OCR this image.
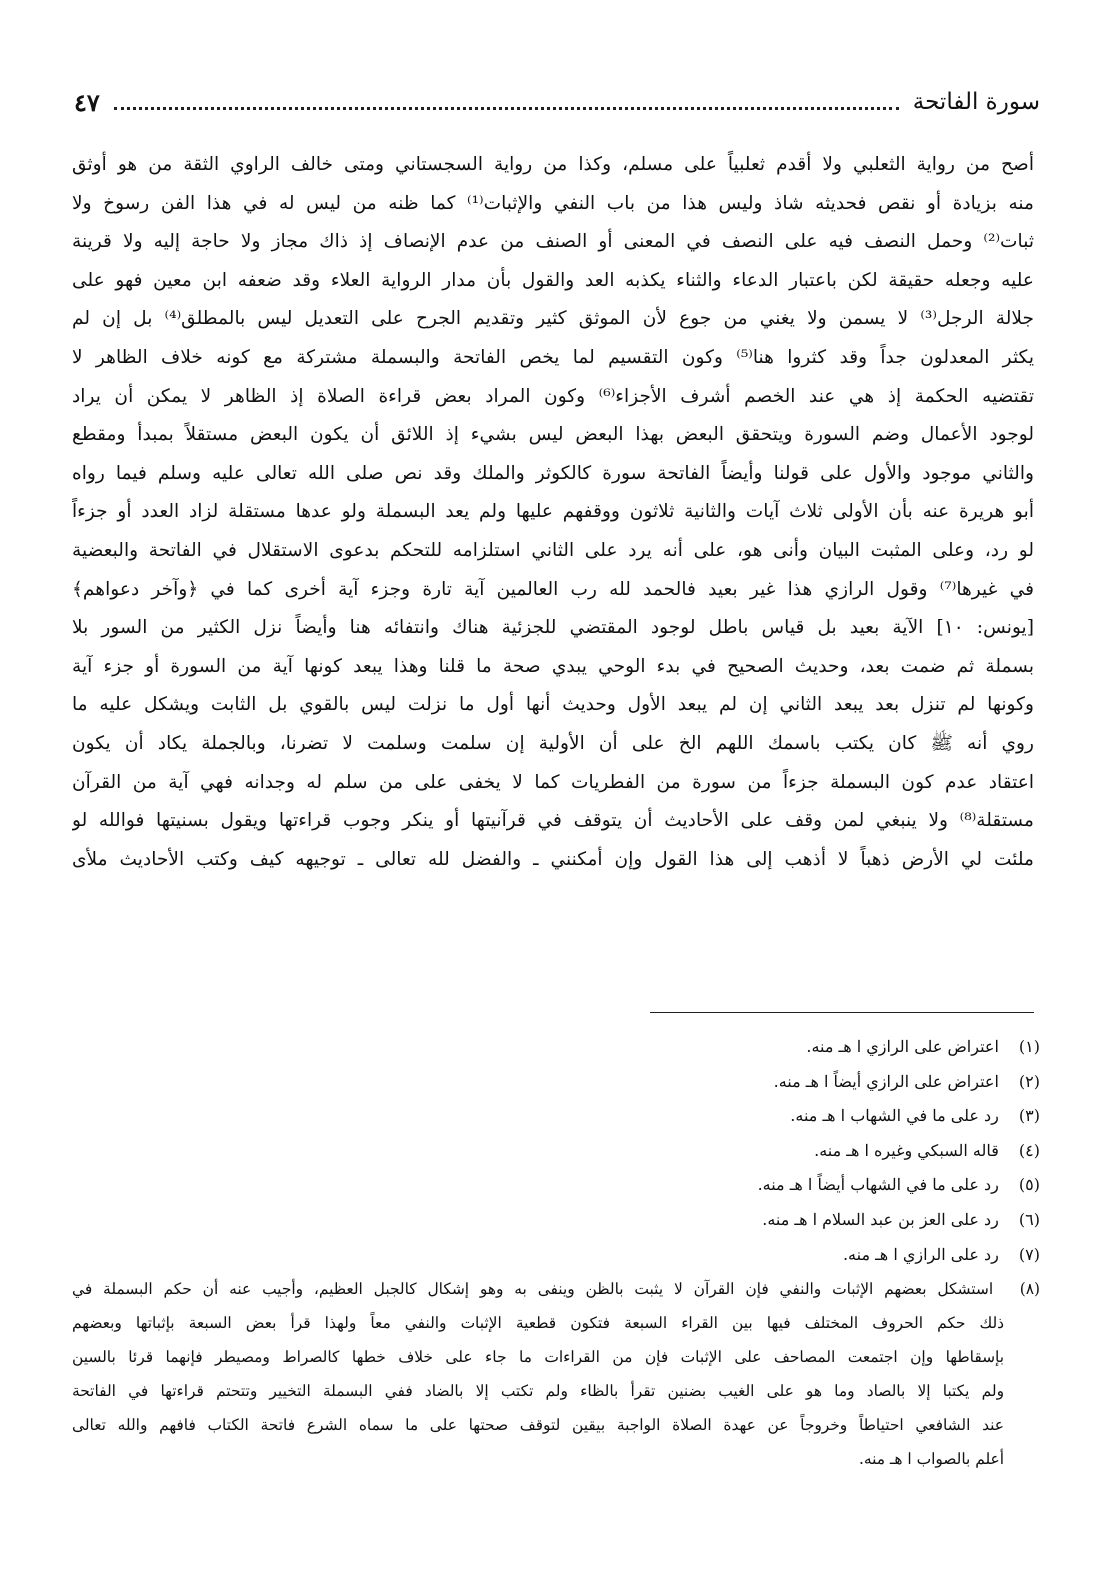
سورة الفاتحة
٤٧
أصح من رواية الثعلبي ولا أقدم ثعلبياً على مسلم، وكذا من رواية السجستاني ومتى خالف الراوي الثقة من هو أوثق
منه بزيادة أو نقص فحديثه شاذ وليس هذا من باب النفي والإثبات⁽¹⁾ كما ظنه من ليس له في هذا الفن رسوخ ولا
ثبات⁽²⁾ وحمل النصف فيه على النصف في المعنى أو الصنف من عدم الإنصاف إذ ذاك مجاز ولا حاجة إليه ولا قرينة
عليه وجعله حقيقة لكن باعتبار الدعاء والثناء يكذبه العد والقول بأن مدار الرواية العلاء وقد ضعفه ابن معين فهو على
جلالة الرجل⁽³⁾ لا يسمن ولا يغني من جوع لأن الموثق كثير وتقديم الجرح على التعديل ليس بالمطلق⁽⁴⁾ بل إن لم
يكثر المعدلون جداً وقد كثروا هنا⁽⁵⁾ وكون التقسيم لما يخص الفاتحة والبسملة مشتركة مع كونه خلاف الظاهر لا
تقتضيه الحكمة إذ هي عند الخصم أشرف الأجزاء⁽⁶⁾ وكون المراد بعض قراءة الصلاة إذ الظاهر لا يمكن أن يراد
لوجود الأعمال وضم السورة ويتحقق البعض بهذا البعض ليس بشيء إذ اللائق أن يكون البعض مستقلاً بمبدأ ومقطع
والثاني موجود والأول على قولنا وأيضاً الفاتحة سورة كالكوثر والملك وقد نص صلى الله تعالى عليه وسلم فيما رواه
أبو هريرة عنه بأن الأولى ثلاث آيات والثانية ثلاثون ووقفهم عليها ولم يعد البسملة ولو عدها مستقلة لزاد العدد أو جزءاً
لو رد، وعلى المثبت البيان وأنى هو، على أنه يرد على الثاني استلزامه للتحكم بدعوى الاستقلال في الفاتحة والبعضية
في غيرها⁽⁷⁾ وقول الرازي هذا غير بعيد فالحمد لله رب العالمين آية تارة وجزء آية أخرى كما في ﴿وآخر دعواهم﴾
[يونس: ١٠] الآية بعيد بل قياس باطل لوجود المقتضي للجزئية هناك وانتفائه هنا وأيضاً نزل الكثير من السور بلا
بسملة ثم ضمت بعد، وحديث الصحيح في بدء الوحي يبدي صحة ما قلنا وهذا يبعد كونها آية من السورة أو جزء آية
وكونها لم تنزل بعد يبعد الثاني إن لم يبعد الأول وحديث أنها أول ما نزلت ليس بالقوي بل الثابت ويشكل عليه ما
روي أنه ﷺ كان يكتب باسمك اللهم الخ على أن الأولية إن سلمت وسلمت لا تضرنا، وبالجملة يكاد أن يكون
اعتقاد عدم كون البسملة جزءاً من سورة من الفطريات كما لا يخفى على من سلم له وجدانه فهي آية من القرآن
مستقلة⁽⁸⁾ ولا ينبغي لمن وقف على الأحاديث أن يتوقف في قرآنيتها أو ينكر وجوب قراءتها ويقول بسنيتها فوالله لو
ملئت لي الأرض ذهباً لا أذهب إلى هذا القول وإن أمكنني ـ والفضل لله تعالى ـ توجيهه كيف وكتب الأحاديث ملأى
(١) اعتراض على الرازي ا هـ منه.
(٢) اعتراض على الرازي أيضاً ا هـ منه.
(٣) رد على ما في الشهاب ا هـ منه.
(٤) قاله السبكي وغيره ا هـ منه.
(٥) رد على ما في الشهاب أيضاً ا هـ منه.
(٦) رد على العز بن عبد السلام ا هـ منه.
(٧) رد على الرازي ا هـ منه.
(٨) استشكل بعضهم الإثبات والنفي فإن القرآن لا يثبت بالظن وينفى به وهو إشكال كالجبل العظيم، وأجيب عنه أن حكم البسملة في
ذلك حكم الحروف المختلف فيها بين القراء السبعة فتكون قطعية الإثبات والنفي معاً ولهذا قرأ بعض السبعة بإثباتها وبعضهم
بإسقاطها وإن اجتمعت المصاحف على الإثبات فإن من القراءات ما جاء على خلاف خطها كالصراط ومصيطر فإنهما قرئا بالسين
ولم يكتبا إلا بالصاد وما هو على الغيب بضنين تقرأ بالظاء ولم تكتب إلا بالضاد ففي البسملة التخيير وتتحتم قراءتها في الفاتحة
عند الشافعي احتياطاً وخروجاً عن عهدة الصلاة الواجبة بيقين لتوقف صحتها على ما سماه الشرع فاتحة الكتاب فافهم والله تعالى
أعلم بالصواب ا هـ منه.
